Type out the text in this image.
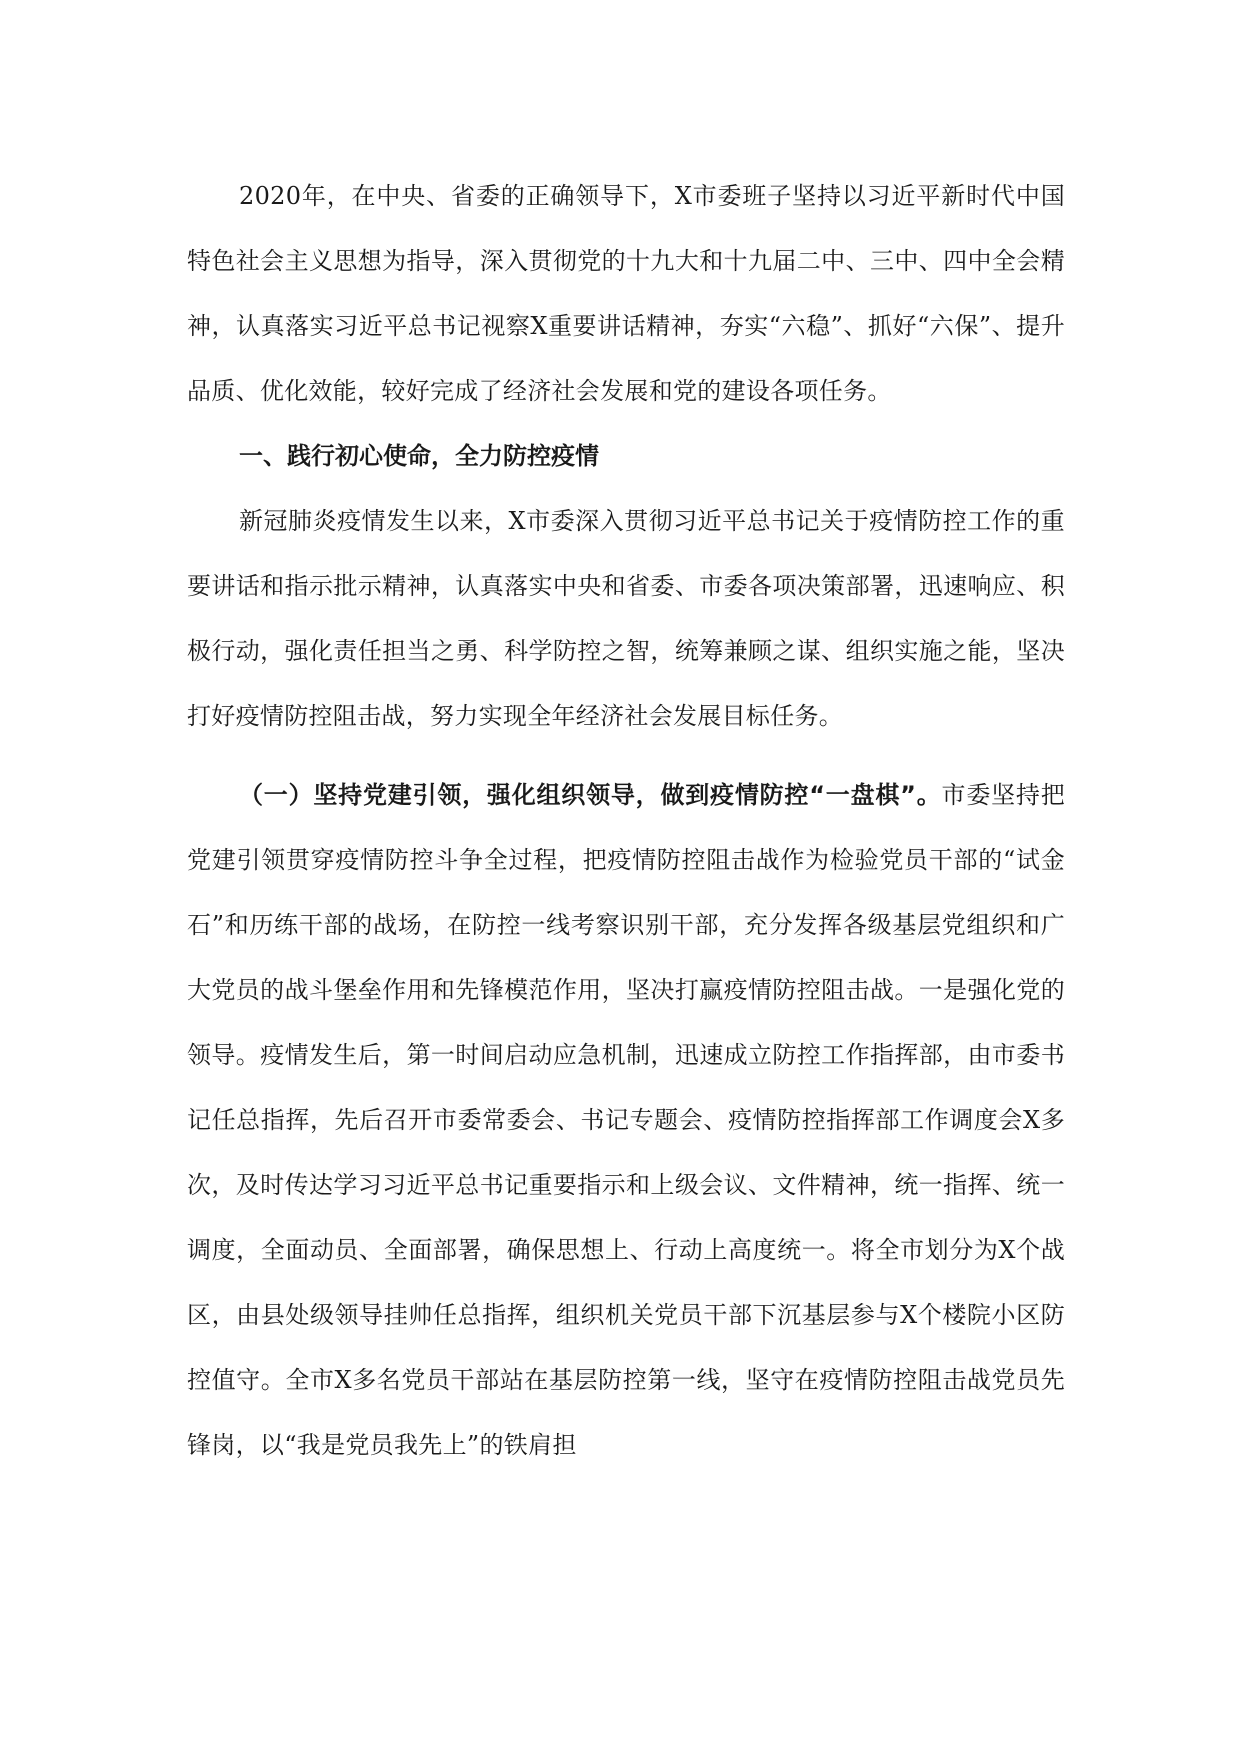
2020年，在中央、省委的正确领导下，X市委班子坚持以习近平新时代中国特色社会主义思想为指导，深入贯彻党的十九大和十九届二中、三中、四中全会精神，认真落实习近平总书记视察X重要讲话精神，夯实“六稳”、抓好“六保”、提升品质、优化效能，较好完成了经济社会发展和党的建设各项任务。

一、践行初心使命，全力防控疫情

新冠肺炎疫情发生以来，X市委深入贯彻习近平总书记关于疫情防控工作的重要讲话和指示批示精神，认真落实中央和省委、市委各项决策部署，迅速响应、积极行动，强化责任担当之勇、科学防控之智，统筹兼顾之谋、组织实施之能，坚决打好疫情防控阻击战，努力实现全年经济社会发展目标任务。

（一）坚持党建引领，强化组织领导，做到疫情防控“一盘棋”。市委坚持把党建引领贯穿疫情防控斗争全过程，把疫情防控阻击战作为检验党员干部的“试金石”和历练干部的战场，在防控一线考察识别干部，充分发挥各级基层党组织和广大党员的战斗堡垒作用和先锋模范作用，坚决打赢疫情防控阻击战。一是强化党的领导。疫情发生后，第一时间启动应急机制，迅速成立防控工作指挥部，由市委书记任总指挥，先后召开市委常委会、书记专题会、疫情防控指挥部工作调度会X多次，及时传达学习习近平总书记重要指示和上级会议、文件精神，统一指挥、统一调度，全面动员、全面部署，确保思想上、行动上高度统一。将全市划分为X个战区，由县处级领导挂帅任总指挥，组织机关党员干部下沉基层参与X个楼院小区防控值守。全市X多名党员干部站在基层防控第一线，坚守在疫情防控阻击战党员先锋岗，以“我是党员我先上”的铁肩担
